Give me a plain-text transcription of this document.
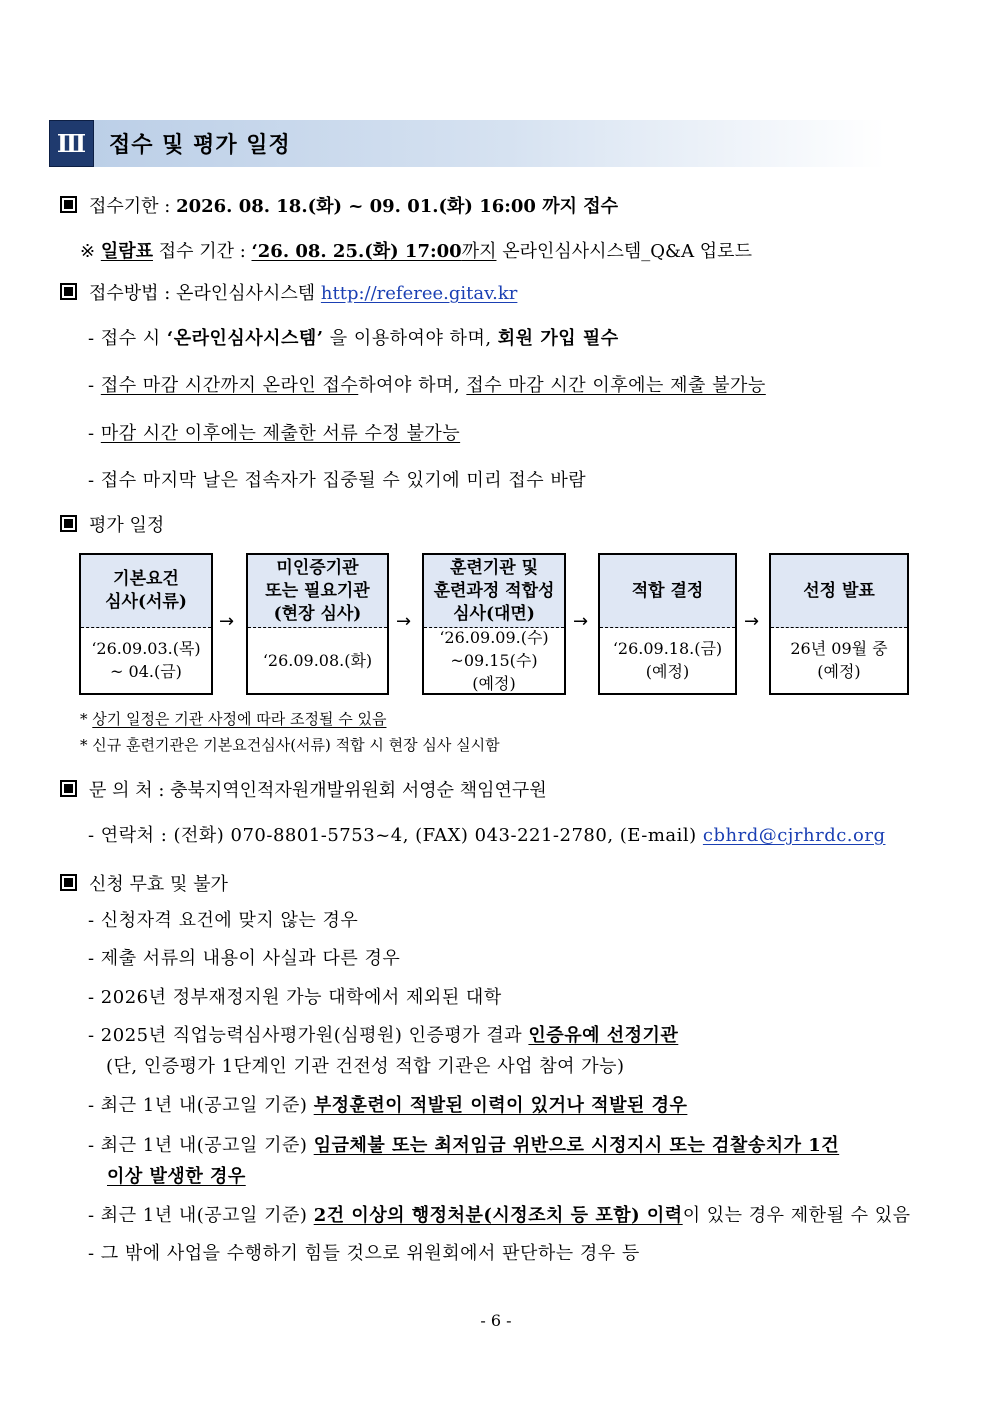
Ⅲ	접수 및 평가 일정
접수기한 : 2026. 08. 18.(화) ~ 09. 01.(화) 16:00 까지 접수
※ 일람표 접수 기간 : ‘26. 08. 25.(화) 17:00까지 온라인심사시스템_Q&A 업로드
접수방법 : 온라인심사시스템 http://referee.gitav.kr
- 접수 시 ‘온라인심사시스템’ 을 이용하여야 하며, 회원 가입 필수
- 접수 마감 시간까지 온라인 접수하여야 하며, 접수 마감 시간 이후에는 제출 불가능
- 마감 시간 이후에는 제출한 서류 수정 불가능
- 접수 마지막 날은 접속자가 집중될 수 있기에 미리 접수 바람
평가 일정
기본요건
심사(서류)
‘26.09.03.(목)
~ 04.(금)
→
미인증기관
또는 필요기관
(현장 심사)
‘26.09.08.(화)
→
훈련기관 및
훈련과정 적합성
심사(대면)
‘26.09.09.(수)
~09.15(수)
(예정)
→
적합 결정
‘26.09.18.(금)
(예정)
→
선정 발표
26년 09월 중
(예정)
* 상기 일정은 기관 사정에 따라 조정될 수 있음
* 신규 훈련기관은 기본요건심사(서류) 적합 시 현장 심사 실시함
문 의 처 : 충북지역인적자원개발위원회 서영순 책임연구원
- 연락처 : (전화) 070-8801-5753~4, (FAX) 043-221-2780, (E-mail) cbhrd@cjrhrdc.org
신청 무효 및 불가
- 신청자격 요건에 맞지 않는 경우
- 제출 서류의 내용이 사실과 다른 경우
- 2026년 정부재정지원 가능 대학에서 제외된 대학
- 2025년 직업능력심사평가원(심평원) 인증평가 결과 인증유예 선정기관
(단, 인증평가 1단계인 기관 건전성 적합 기관은 사업 참여 가능)
- 최근 1년 내(공고일 기준) 부정훈련이 적발된 이력이 있거나 적발된 경우
- 최근 1년 내(공고일 기준) 임금체불 또는 최저임금 위반으로 시정지시 또는 검찰송치가 1건
이상 발생한 경우
- 최근 1년 내(공고일 기준) 2건 이상의 행정처분(시정조치 등 포함) 이력이 있는 경우 제한될 수 있음
- 그 밖에 사업을 수행하기 힘들 것으로 위원회에서 판단하는 경우 등
- 6 -
